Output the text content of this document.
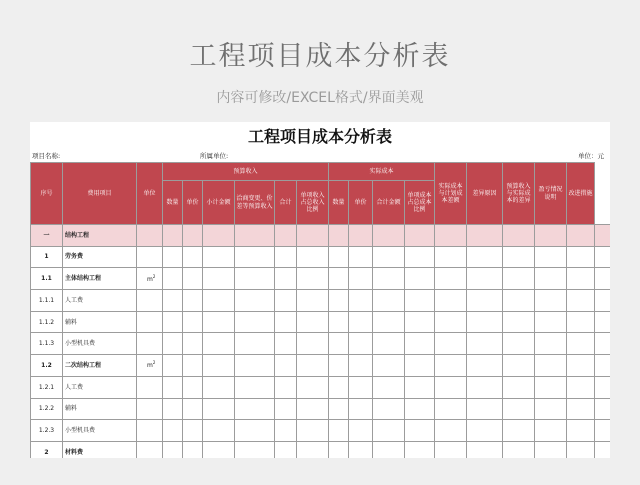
工程项目成本分析表
内容可修改/EXCEL格式/界面美观
工程项目成本分析表
项目名称:	所属单位:	单位：元
序号	费用项目	单位	预算收入						实际成本				实际成本与计划成本差额	差异原因	预算收入与实际成本的差异	盈亏情况说明	改进措施	
			数量	单价	小计金额	洽商变更、价差等预算收入	合计	单项收入占总收入比例	数量	单价	合计金额	单项成本占总成本比例						
一	结构工程																	
1	劳务费																	
1.1	主体结构工程	$m^2$																
1.1.1	人工费																	
1.1.2	辅料																	
1.1.3	小型机具费																	
1.2	二次结构工程	$m^2$																
1.2.1	人工费																	
1.2.2	辅料																	
1.2.3	小型机具费																	
2	材料费																	
